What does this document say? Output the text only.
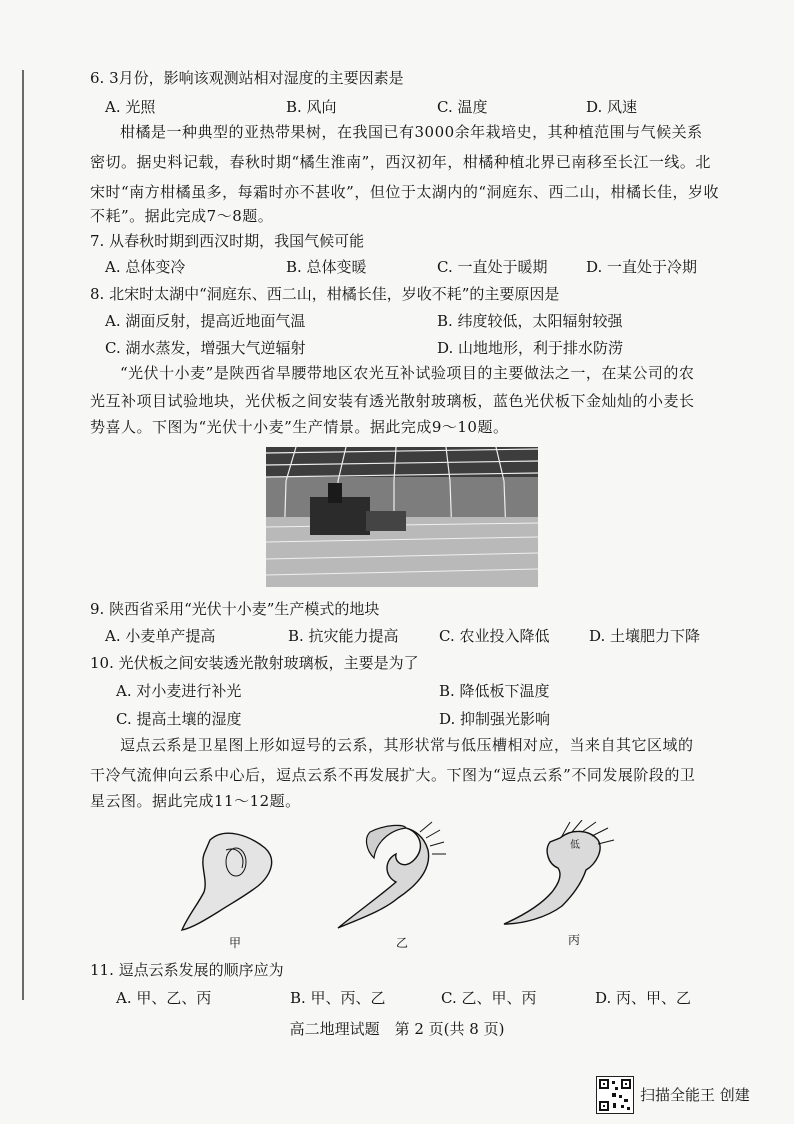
6. 3月份，影响该观测站相对湿度的主要因素是
A. 光照	B. 风向	C. 温度	D. 风速
柑橘是一种典型的亚热带果树，在我国已有3000余年栽培史，其种植范围与气候关系
密切。据史料记载，春秋时期“橘生淮南”，西汉初年，柑橘种植北界已南移至长江一线。北
宋时“南方柑橘虽多，每霜时亦不甚收”，但位于太湖内的“洞庭东、西二山，柑橘长佳，岁收
不耗”。据此完成7～8题。
7. 从春秋时期到西汉时期，我国气候可能
A. 总体变冷	B. 总体变暖	C. 一直处于暖期	D. 一直处于冷期
8. 北宋时太湖中“洞庭东、西二山，柑橘长佳，岁收不耗”的主要原因是
A. 湖面反射，提高近地面气温	B. 纬度较低，太阳辐射较强
C. 湖水蒸发，增强大气逆辐射	D. 山地地形，利于排水防涝
“光伏十小麦”是陕西省旱腰带地区农光互补试验项目的主要做法之一，在某公司的农
光互补项目试验地块，光伏板之间安装有透光散射玻璃板，蓝色光伏板下金灿灿的小麦长
势喜人。下图为“光伏十小麦”生产情景。据此完成9～10题。
9. 陕西省采用“光伏十小麦”生产模式的地块
A. 小麦单产提高	B. 抗灾能力提高	C. 农业投入降低	D. 土壤肥力下降
10. 光伏板之间安装透光散射玻璃板，主要是为了
A. 对小麦进行补光	B. 降低板下温度
C. 提高土壤的湿度	D. 抑制强光影响
逗点云系是卫星图上形如逗号的云系，其形状常与低压槽相对应，当来自其它区域的
干冷气流伸向云系中心后，逗点云系不再发展扩大。下图为“逗点云系”不同发展阶段的卫
星云图。据此完成11～12题。
甲	乙	丙
低
11. 逗点云系发展的顺序应为
A. 甲、乙、丙	B. 甲、丙、乙	C. 乙、甲、丙	D. 丙、甲、乙
高二地理试题　第 2 页(共 8 页)
扫描全能王 创建
